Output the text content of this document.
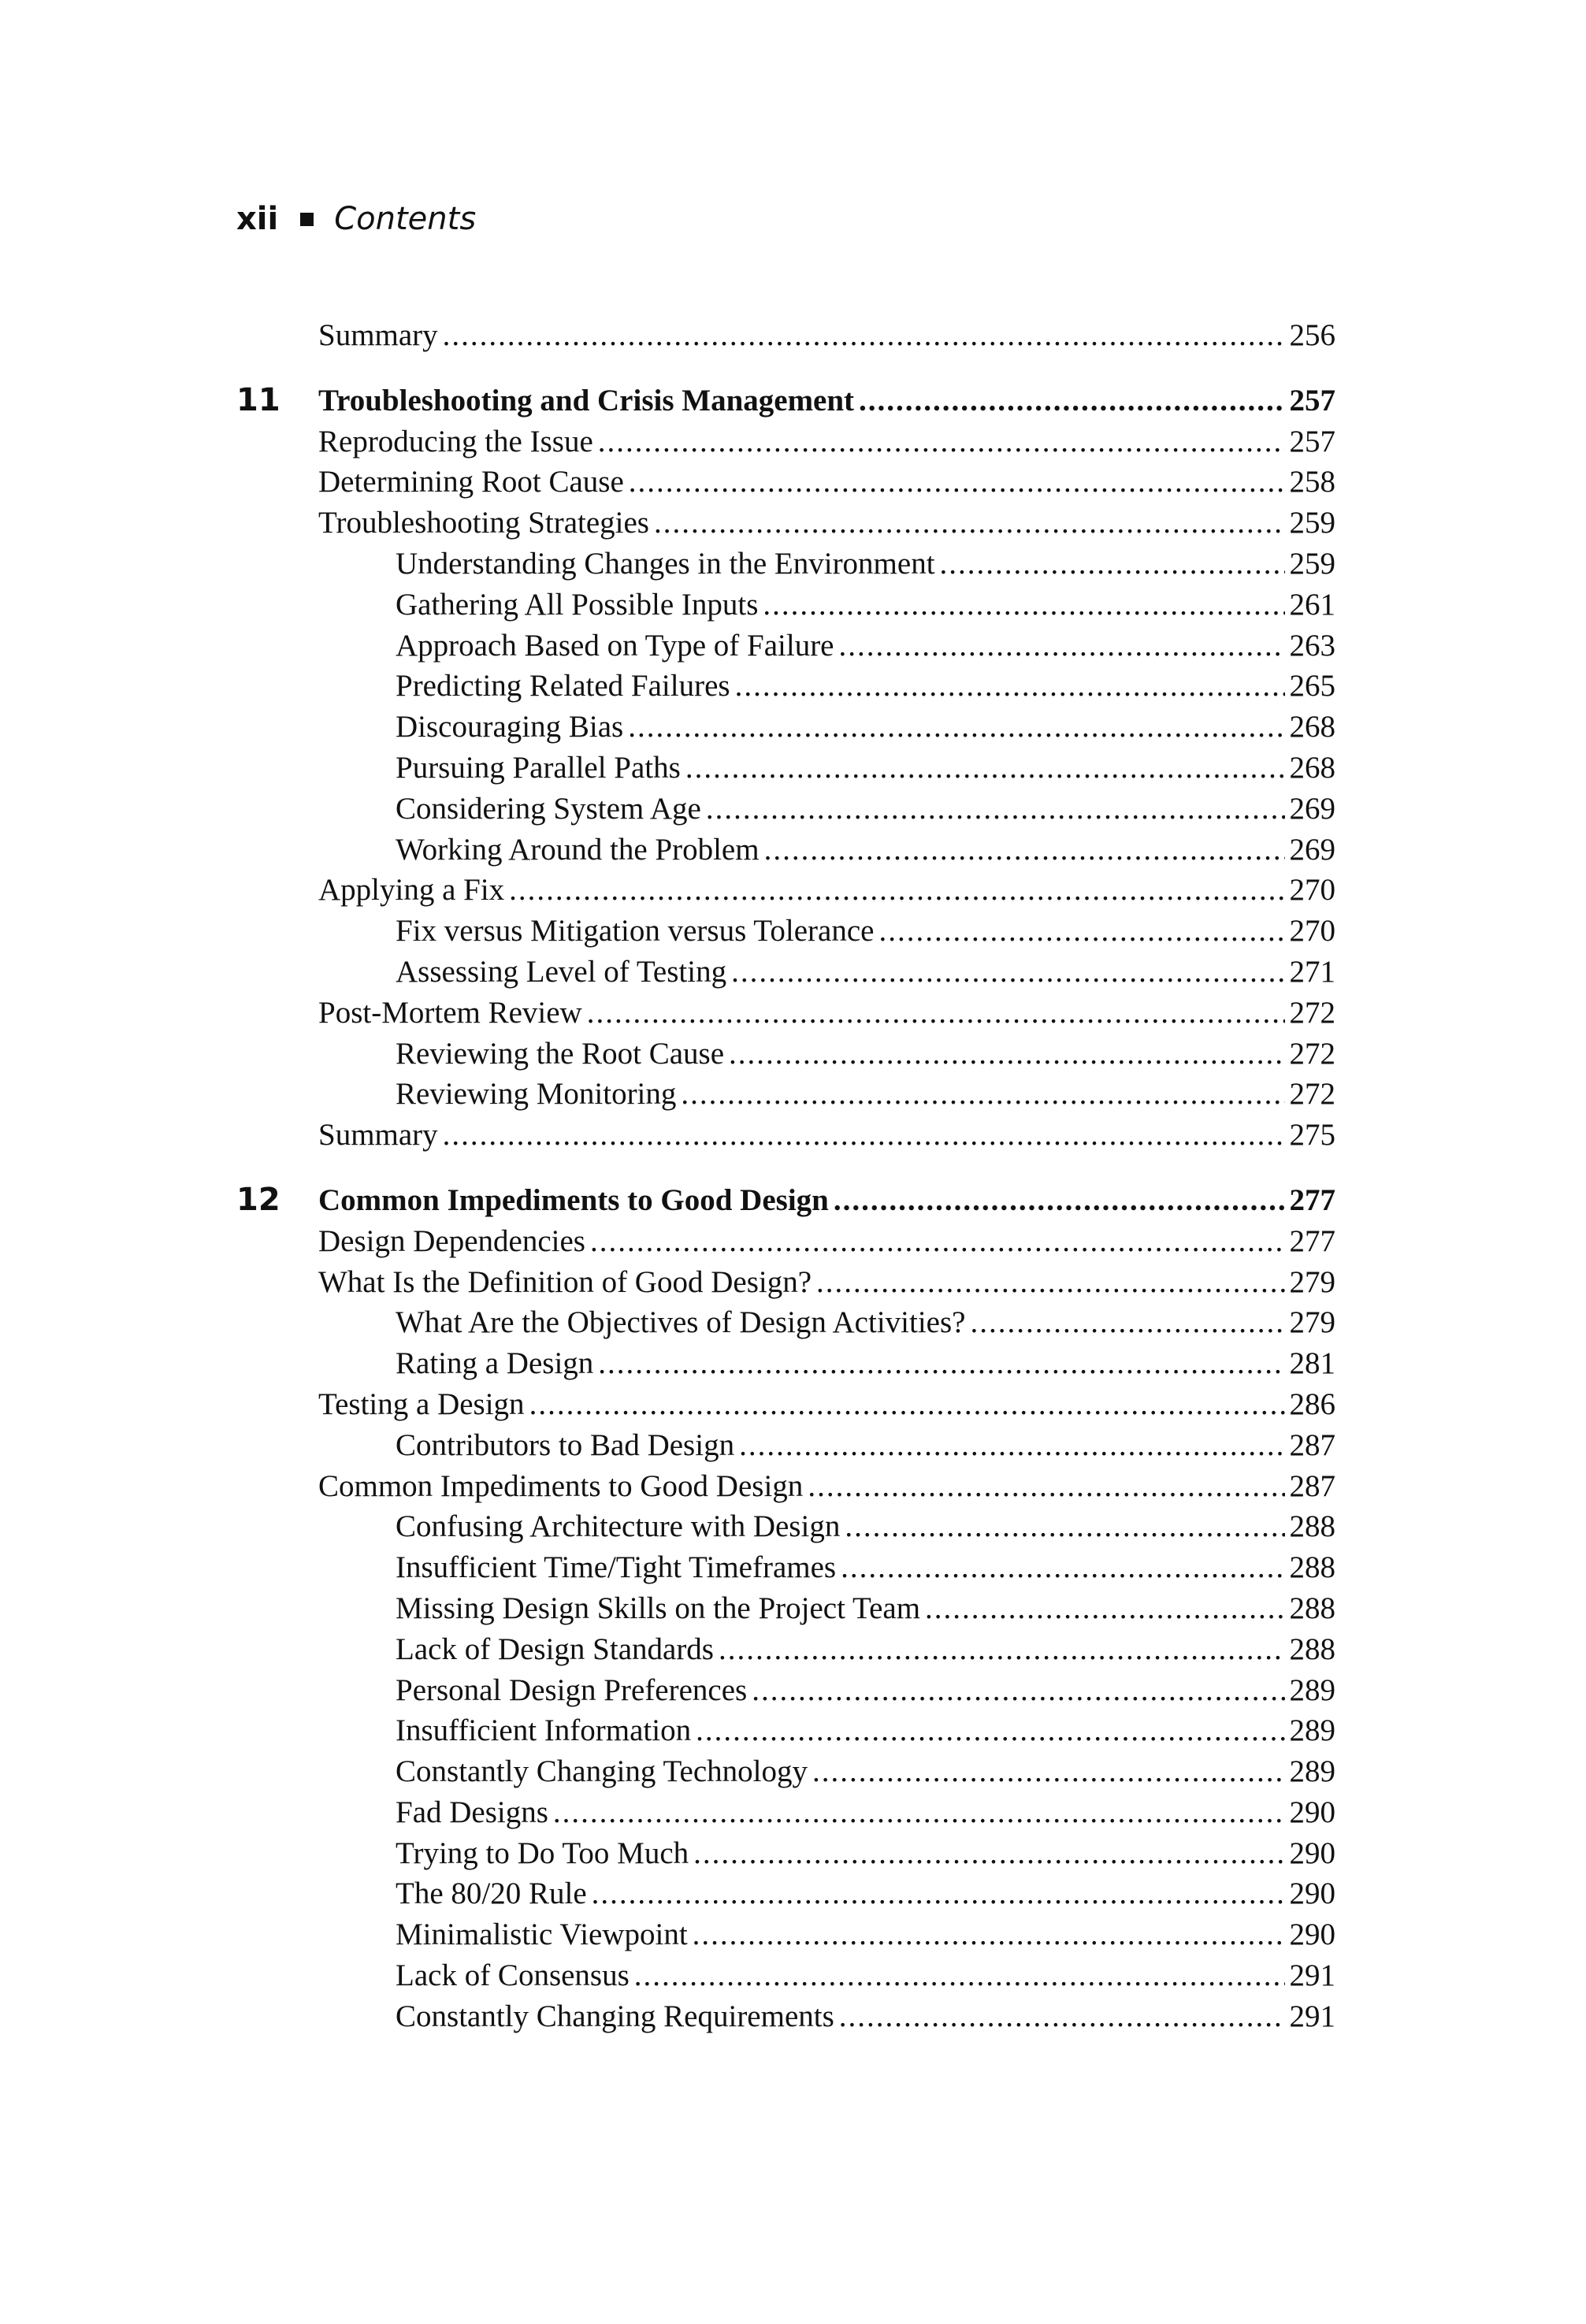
xii Contents
Summary .....	256
11 Troubleshooting and Crisis Management .....	257
Reproducing the Issue .....	257
Determining Root Cause .....	258
Troubleshooting Strategies .....	259
Understanding Changes in the Environment .....	259
Gathering All Possible Inputs .....	261
Approach Based on Type of Failure .....	263
Predicting Related Failures .....	265
Discouraging Bias .....	268
Pursuing Parallel Paths .....	268
Considering System Age .....	269
Working Around the Problem .....	269
Applying a Fix .....	270
Fix versus Mitigation versus Tolerance .....	270
Assessing Level of Testing .....	271
Post-Mortem Review .....	272
Reviewing the Root Cause .....	272
Reviewing Monitoring .....	272
Summary .....	275
12 Common Impediments to Good Design .....	277
Design Dependencies .....	277
What Is the Definition of Good Design? .....	279
What Are the Objectives of Design Activities? .....	279
Rating a Design .....	281
Testing a Design .....	286
Contributors to Bad Design .....	287
Common Impediments to Good Design .....	287
Confusing Architecture with Design .....	288
Insufficient Time/Tight Timeframes .....	288
Missing Design Skills on the Project Team .....	288
Lack of Design Standards .....	288
Personal Design Preferences .....	289
Insufficient Information .....	289
Constantly Changing Technology .....	289
Fad Designs .....	290
Trying to Do Too Much .....	290
The 80/20 Rule .....	290
Minimalistic Viewpoint .....	290
Lack of Consensus .....	291
Constantly Changing Requirements .....	291
